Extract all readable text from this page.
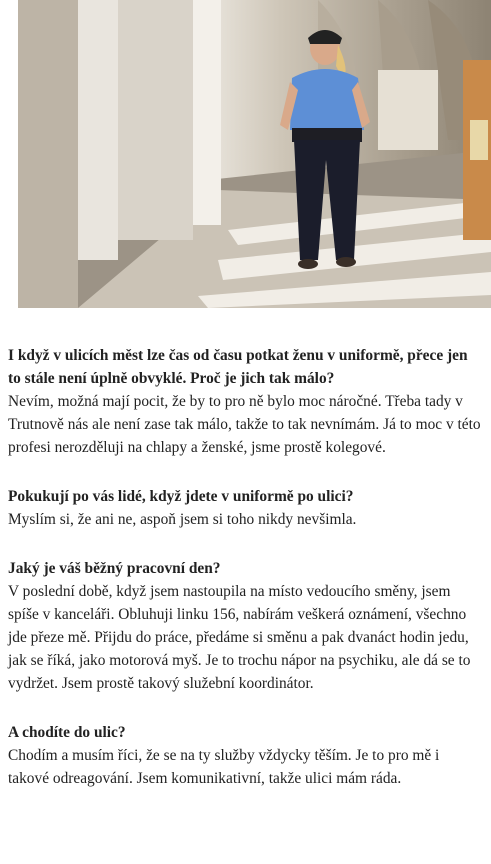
I když v ulicích měst lze čas od času potkat ženu v uniformě, přece jen to stále není úplně obvyklé. Proč je jich tak málo?

Nevím, možná mají pocit, že by to pro ně bylo moc náročné. Třeba tady v Trutnově nás ale není zase tak málo, takže to tak nevnímám. Já to moc v této profesi nerozděluji na chlapy a ženské, jsme prostě kolegové.

Pokukují po vás lidé, když jdete v uniformě po ulici?

Myslím si, že ani ne, aspoň jsem si toho nikdy nevšimla.

Jaký je váš běžný pracovní den?

V poslední době, když jsem nastoupila na místo vedoucího směny, jsem spíše v kanceláři. Obluhuji linku 156, nabírám veškerá oznámení, všechno jde přeze mě. Přijdu do práce, předáme si směnu a pak dvanáct hodin jedu, jak se říká, jako motorová myš. Je to trochu nápor na psychiku, ale dá se to vydržet. Jsem prostě takový služební koordinátor.

A chodíte do ulic?

Chodím a musím říci, že se na ty služby vždycky těším. Je to pro mě i takové odreagování. Jsem komunikativní, takže ulici mám ráda.
